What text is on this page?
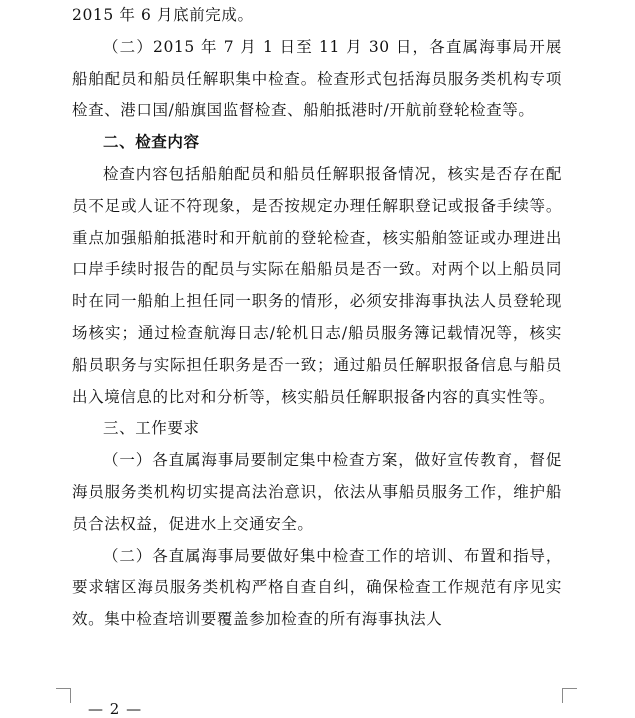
2015 年 6 月底前完成。

（二）2015 年 7 月 1 日至 11 月 30 日，各直属海事局开展船舶配员和船员任解职集中检查。检查形式包括海员服务类机构专项检查、港口国/船旗国监督检查、船舶抵港时/开航前登轮检查等。

二、检查内容

检查内容包括船舶配员和船员任解职报备情况，核实是否存在配员不足或人证不符现象，是否按规定办理任解职登记或报备手续等。重点加强船舶抵港时和开航前的登轮检查，核实船舶签证或办理进出口岸手续时报告的配员与实际在船船员是否一致。对两个以上船员同时在同一船舶上担任同一职务的情形，必须安排海事执法人员登轮现场核实；通过检查航海日志/轮机日志/船员服务簿记载情况等，核实船员职务与实际担任职务是否一致；通过船员任解职报备信息与船员出入境信息的比对和分析等，核实船员任解职报备内容的真实性等。

三、工作要求

（一）各直属海事局要制定集中检查方案，做好宣传教育，督促海员服务类机构切实提高法治意识，依法从事船员服务工作，维护船员合法权益，促进水上交通安全。

（二）各直属海事局要做好集中检查工作的培训、布置和指导，要求辖区海员服务类机构严格自查自纠，确保检查工作规范有序见实效。集中检查培训要覆盖参加检查的所有海事执法人

— 2 —
